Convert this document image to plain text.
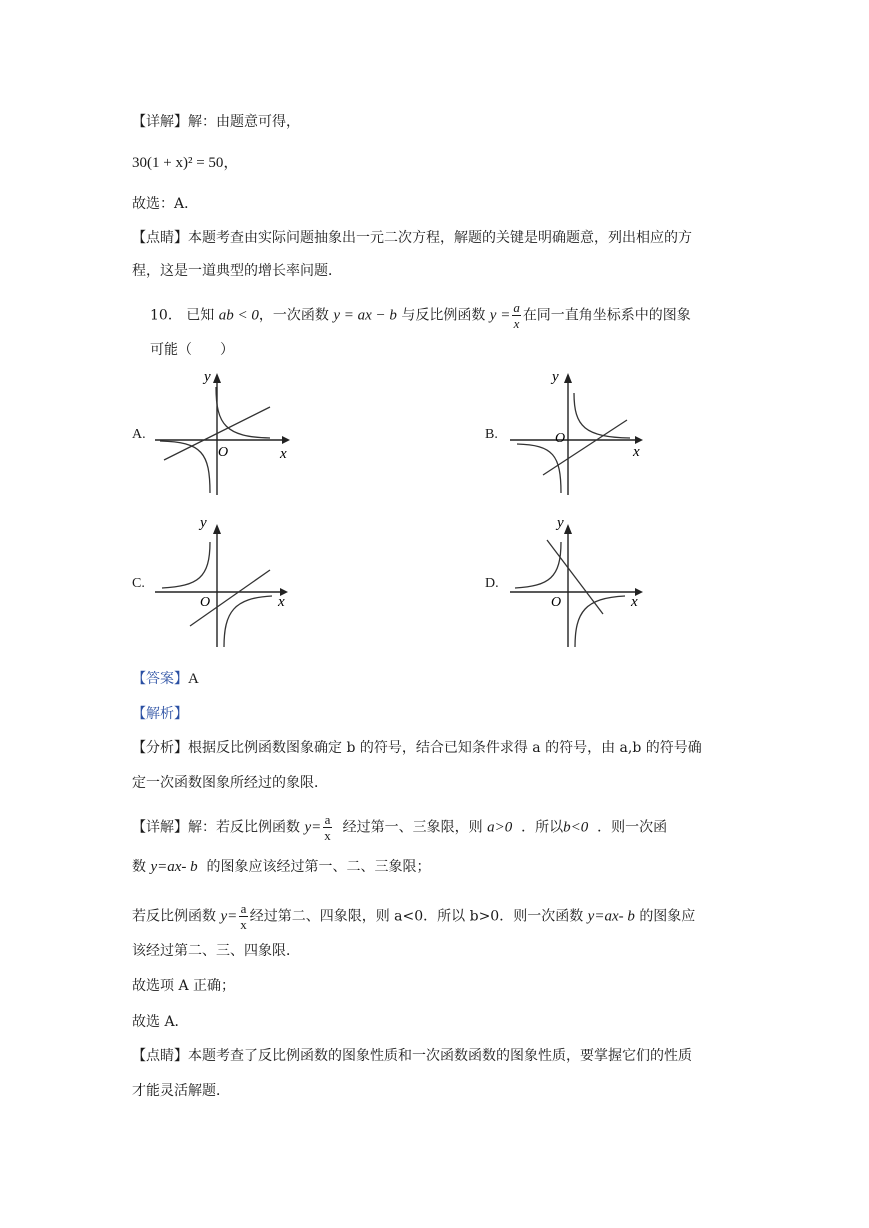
【详解】解：由题意可得，
30(1 + x)² = 50，
故选：A．
【点睛】本题考查由实际问题抽象出一元二次方程，解题的关键是明确题意，列出相应的方
程，这是一道典型的增长率问题．
10． 已知 ab < 0，一次函数 y = ax − b 与反比例函数 $y = \frac{a}{x}$ 在同一直角坐标系中的图象
可能（　　）
A.	B.
C.	D.
y
x
O
y
x
O
y
x
O
y
x
O
【答案】A
【解析】
【分析】根据反比例函数图象确定 b 的符号，结合已知条件求得 a 的符号，由 a,b 的符号确
定一次函数图象所经过的象限．
【详解】解：若反比例函数 $y= \frac{a}{x}$ 经过第一、三象限，则 a>0 ．所以b<0 ．则一次函
数 y=ax- b 的图象应该经过第一、二、三象限；
若反比例函数 $y= \frac{a}{x}$ 经过第二、四象限，则 a<0．所以 b>0．则一次函数 y=ax- b 的图象应
该经过第二、三、四象限．
故选项 A 正确；
故选 A．
【点睛】本题考查了反比例函数的图象性质和一次函数函数的图象性质，要掌握它们的性质
才能灵活解题．
